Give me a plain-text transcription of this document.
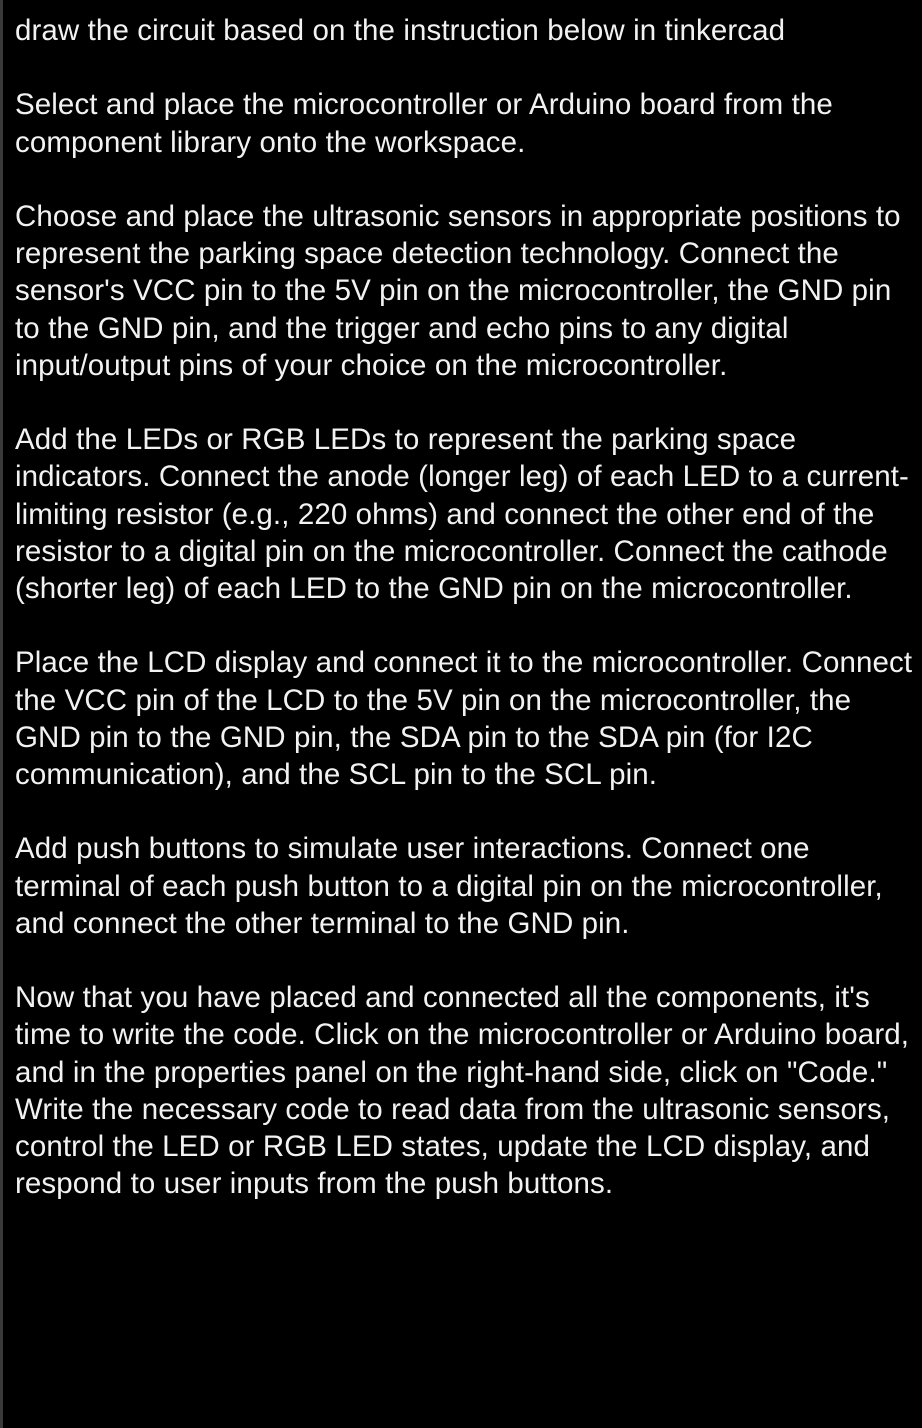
draw the circuit based on the instruction below in tinkercad

Select and place the microcontroller or Arduino board from the component library onto the workspace.

Choose and place the ultrasonic sensors in appropriate positions to represent the parking space detection technology. Connect the sensor's VCC pin to the 5V pin on the microcontroller, the GND pin to the GND pin, and the trigger and echo pins to any digital input/output pins of your choice on the microcontroller.

Add the LEDs or RGB LEDs to represent the parking space indicators. Connect the anode (longer leg) of each LED to a current-limiting resistor (e.g., 220 ohms) and connect the other end of the resistor to a digital pin on the microcontroller. Connect the cathode (shorter leg) of each LED to the GND pin on the microcontroller.

Place the LCD display and connect it to the microcontroller. Connect the VCC pin of the LCD to the 5V pin on the microcontroller, the GND pin to the GND pin, the SDA pin to the SDA pin (for I2C communication), and the SCL pin to the SCL pin.

Add push buttons to simulate user interactions. Connect one terminal of each push button to a digital pin on the microcontroller, and connect the other terminal to the GND pin.

Now that you have placed and connected all the components, it's time to write the code. Click on the microcontroller or Arduino board, and in the properties panel on the right-hand side, click on "Code." Write the necessary code to read data from the ultrasonic sensors, control the LED or RGB LED states, update the LCD display, and respond to user inputs from the push buttons.
